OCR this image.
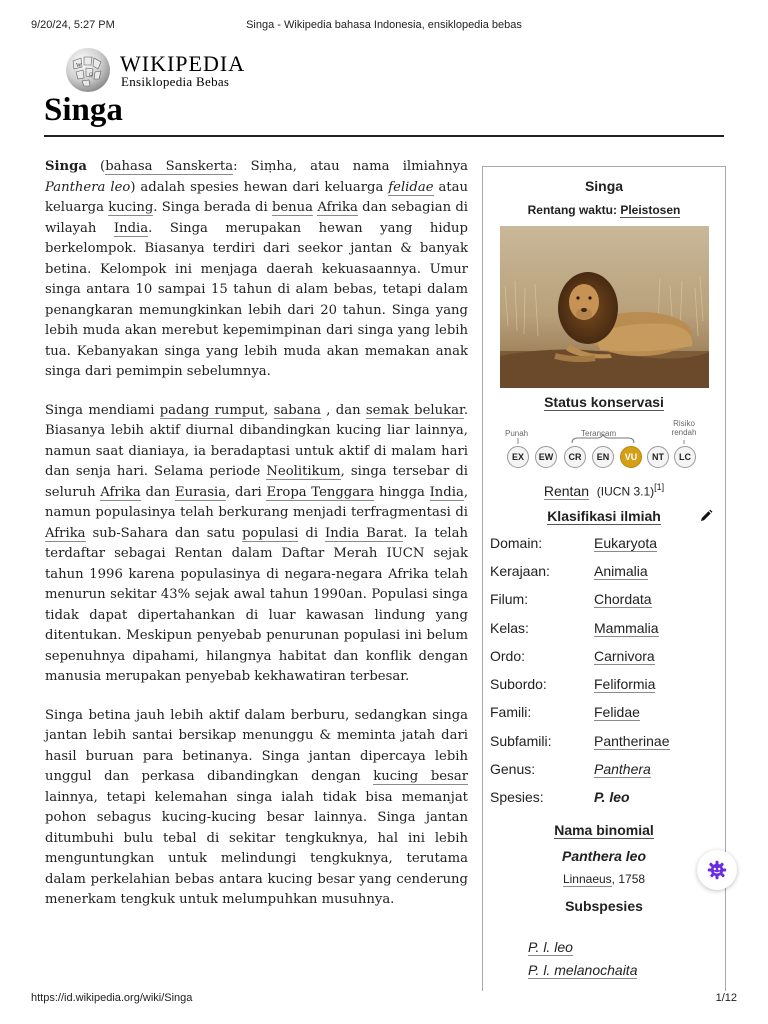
9/20/24, 5:27 PM	Singa - Wikipedia bahasa Indonesia, ensiklopedia bebas
W
Ω WIKIPEDIA
Ensiklopedia Bebas
Singa

Singa (bahasa Sanskerta: Siṃha, atau nama ilmiahnya Panthera leo) adalah spesies hewan dari keluarga felidae atau keluarga kucing. Singa berada di benua Afrika dan sebagian di wilayah India. Singa merupakan hewan yang hidup berkelompok. Biasanya terdiri dari seekor jantan & banyak betina. Kelompok ini menjaga daerah kekuasaannya. Umur singa antara 10 sampai 15 tahun di alam bebas, tetapi dalam penangkaran memungkinkan lebih dari 20 tahun. Singa yang lebih muda akan merebut kepemimpinan dari singa yang lebih tua. Kebanyakan singa yang lebih muda akan memakan anak singa dari pemimpin sebelumnya.

Singa mendiami padang rumput, sabana , dan semak belukar. Biasanya lebih aktif diurnal dibandingkan kucing liar lainnya, namun saat dianiaya, ia beradaptasi untuk aktif di malam hari dan senja hari. Selama periode Neolitikum, singa tersebar di seluruh Afrika dan Eurasia, dari Eropa Tenggara hingga India, namun populasinya telah berkurang menjadi terfragmentasi di Afrika sub-Sahara dan satu populasi di India Barat. Ia telah terdaftar sebagai Rentan dalam Daftar Merah IUCN sejak tahun 1996 karena populasinya di negara-negara Afrika telah menurun sekitar 43% sejak awal tahun 1990an. Populasi singa tidak dapat dipertahankan di luar kawasan lindung yang ditentukan. Meskipun penyebab penurunan populasi ini belum sepenuhnya dipahami, hilangnya habitat dan konflik dengan manusia merupakan penyebab kekhawatiran terbesar.

Singa betina jauh lebih aktif dalam berburu, sedangkan singa jantan lebih santai bersikap menunggu & meminta jatah dari hasil buruan para betinanya. Singa jantan dipercaya lebih unggul dan perkasa dibandingkan dengan kucing besar lainnya, tetapi kelemahan singa ialah tidak bisa memanjat pohon sebagus kucing-kucing besar lainnya. Singa jantan ditumbuhi bulu tebal di sekitar tengkuknya, hal ini lebih menguntungkan untuk melindungi tengkuknya, terutama dalam perkelahian bebas antara kucing besar yang cenderung menerkam tengkuk untuk melumpuhkan musuhnya.

Singa
Rentang waktu: Pleistosen
Status konservasi
Punah	Terancam
Risiko rendah
EX	EW	CR	EN	VU	NT	LC
Rentan (IUCN 3.1)[1]
Klasifikasi ilmiah
Domain:	Eukaryota
Kerajaan:	Animalia
Filum:	Chordata
Kelas:	Mammalia
Ordo:	Carnivora
Subordo:	Feliformia
Famili:	Felidae
Subfamili:	Pantherinae
Genus:	Panthera
Spesies:	P. leo
Nama binomial
Panthera leo
Linnaeus, 1758
Subspesies
P. l. leo
P. l. melanochaita
https://id.wikipedia.org/wiki/Singa	1/12
